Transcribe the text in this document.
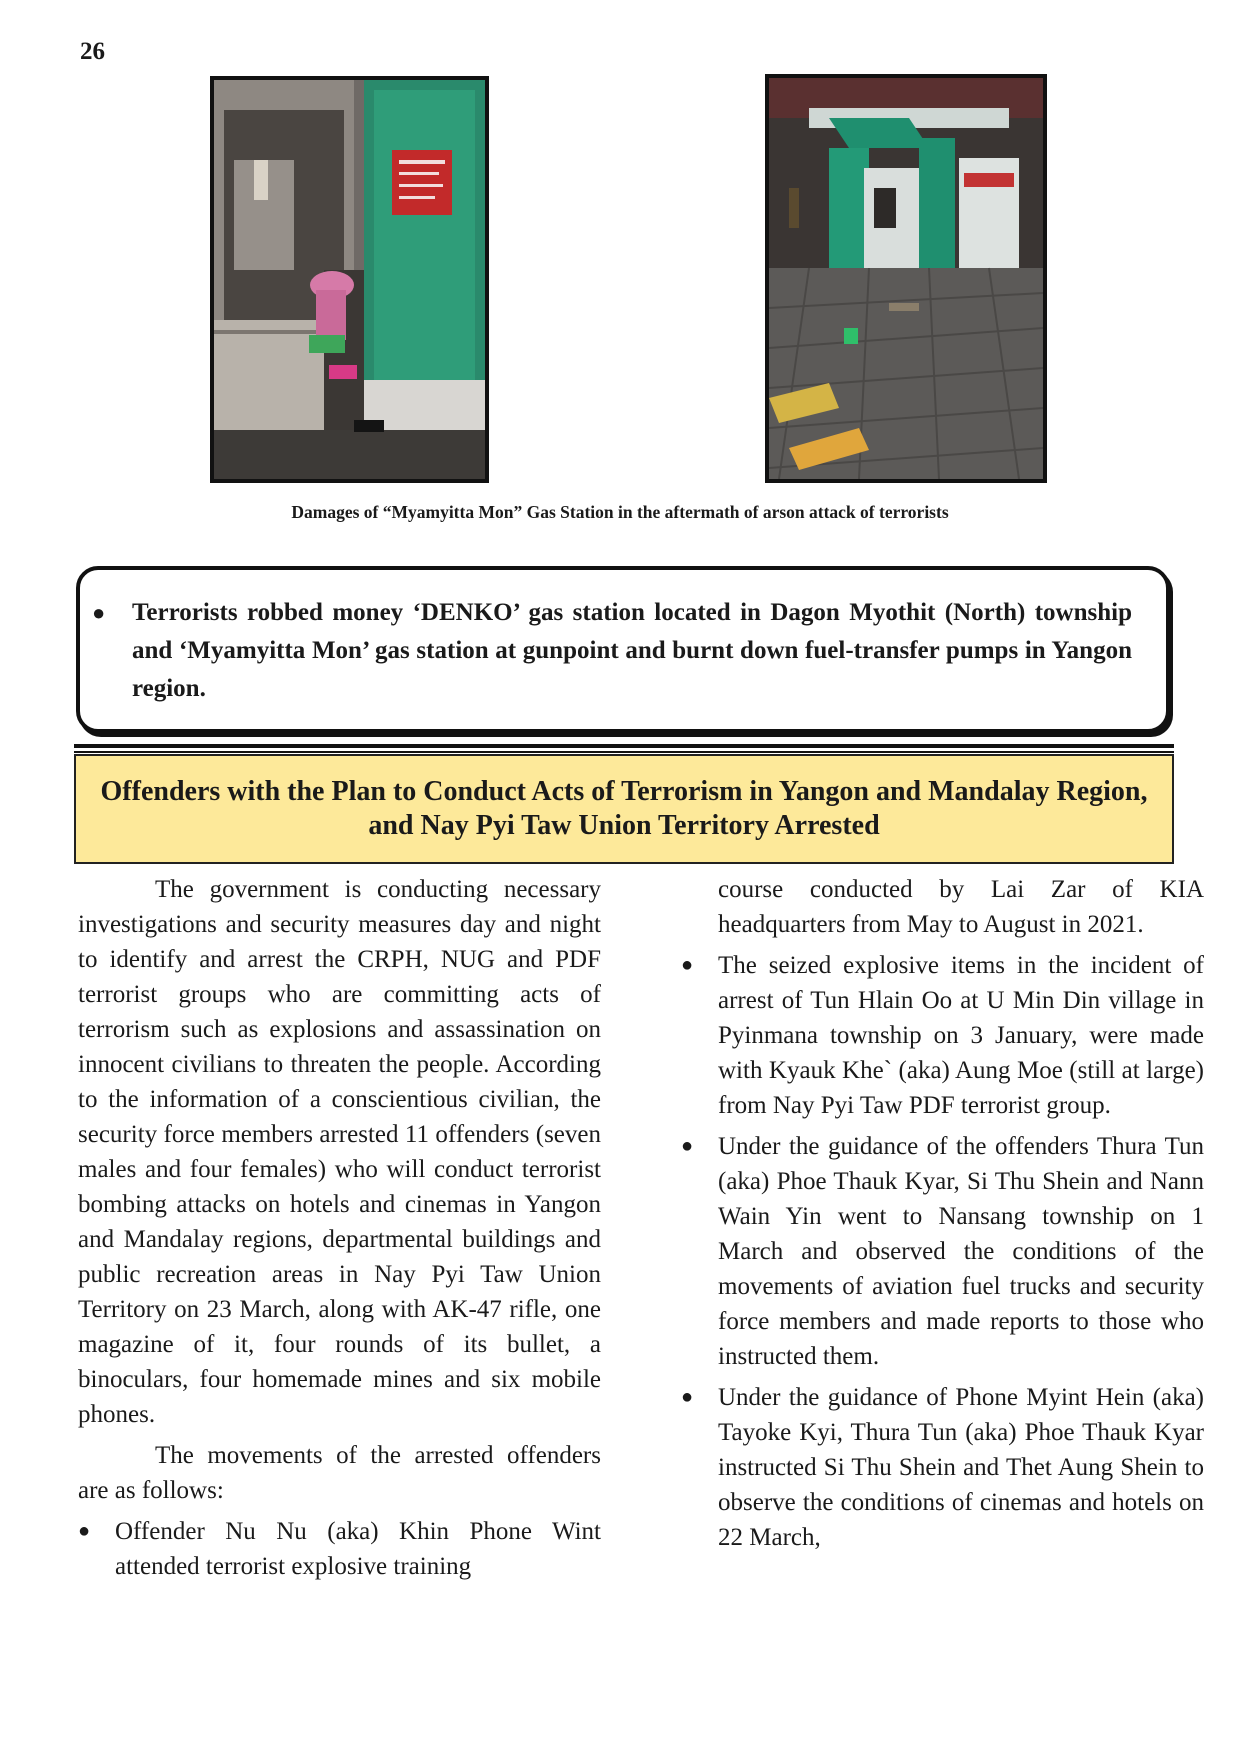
26
Damages of “Myamyitta Mon” Gas Station in the aftermath of arson attack of terrorists
● Terrorists robbed money ‘DENKO’ gas station located in Dagon Myothit (North) township and ‘Myamyitta Mon’ gas station at gunpoint and burnt down fuel-transfer pumps in Yangon region.
Offenders with the Plan to Conduct Acts of Terrorism in Yangon and Mandalay Region, and Nay Pyi Taw Union Territory Arrested

The government is conducting necessary investigations and security measures day and night to identify and arrest the CRPH, NUG and PDF terrorist groups who are committing acts of terrorism such as explosions and assassination on innocent civilians to threaten the people. According to the information of a conscientious civilian, the security force members arrested 11 offenders (seven males and four females) who will conduct terrorist bombing attacks on hotels and cinemas in Yangon and Mandalay regions, departmental buildings and public recreation areas in Nay Pyi Taw Union Territory on 23 March, along with AK-47 rifle, one magazine of it, four rounds of its bullet, a binoculars, four homemade mines and six mobile phones.

The movements of the arrested offenders are as follows:

● Offender Nu Nu (aka) Khin Phone Wint attended terrorist explosive training

course conducted by Lai Zar of KIA headquarters from May to August in 2021.

● The seized explosive items in the incident of arrest of Tun Hlain Oo at U Min Din village in Pyinmana township on 3 January, were made with Kyauk Khe` (aka) Aung Moe (still at large) from Nay Pyi Taw PDF terrorist group.
● Under the guidance of the offenders Thura Tun (aka) Phoe Thauk Kyar, Si Thu Shein and Nann Wain Yin went to Nansang township on 1 March and observed the conditions of the movements of aviation fuel trucks and security force members and made reports to those who instructed them.
● Under the guidance of Phone Myint Hein (aka) Tayoke Kyi, Thura Tun (aka) Phoe Thauk Kyar instructed Si Thu Shein and Thet Aung Shein to observe the conditions of cinemas and hotels on 22 March,
